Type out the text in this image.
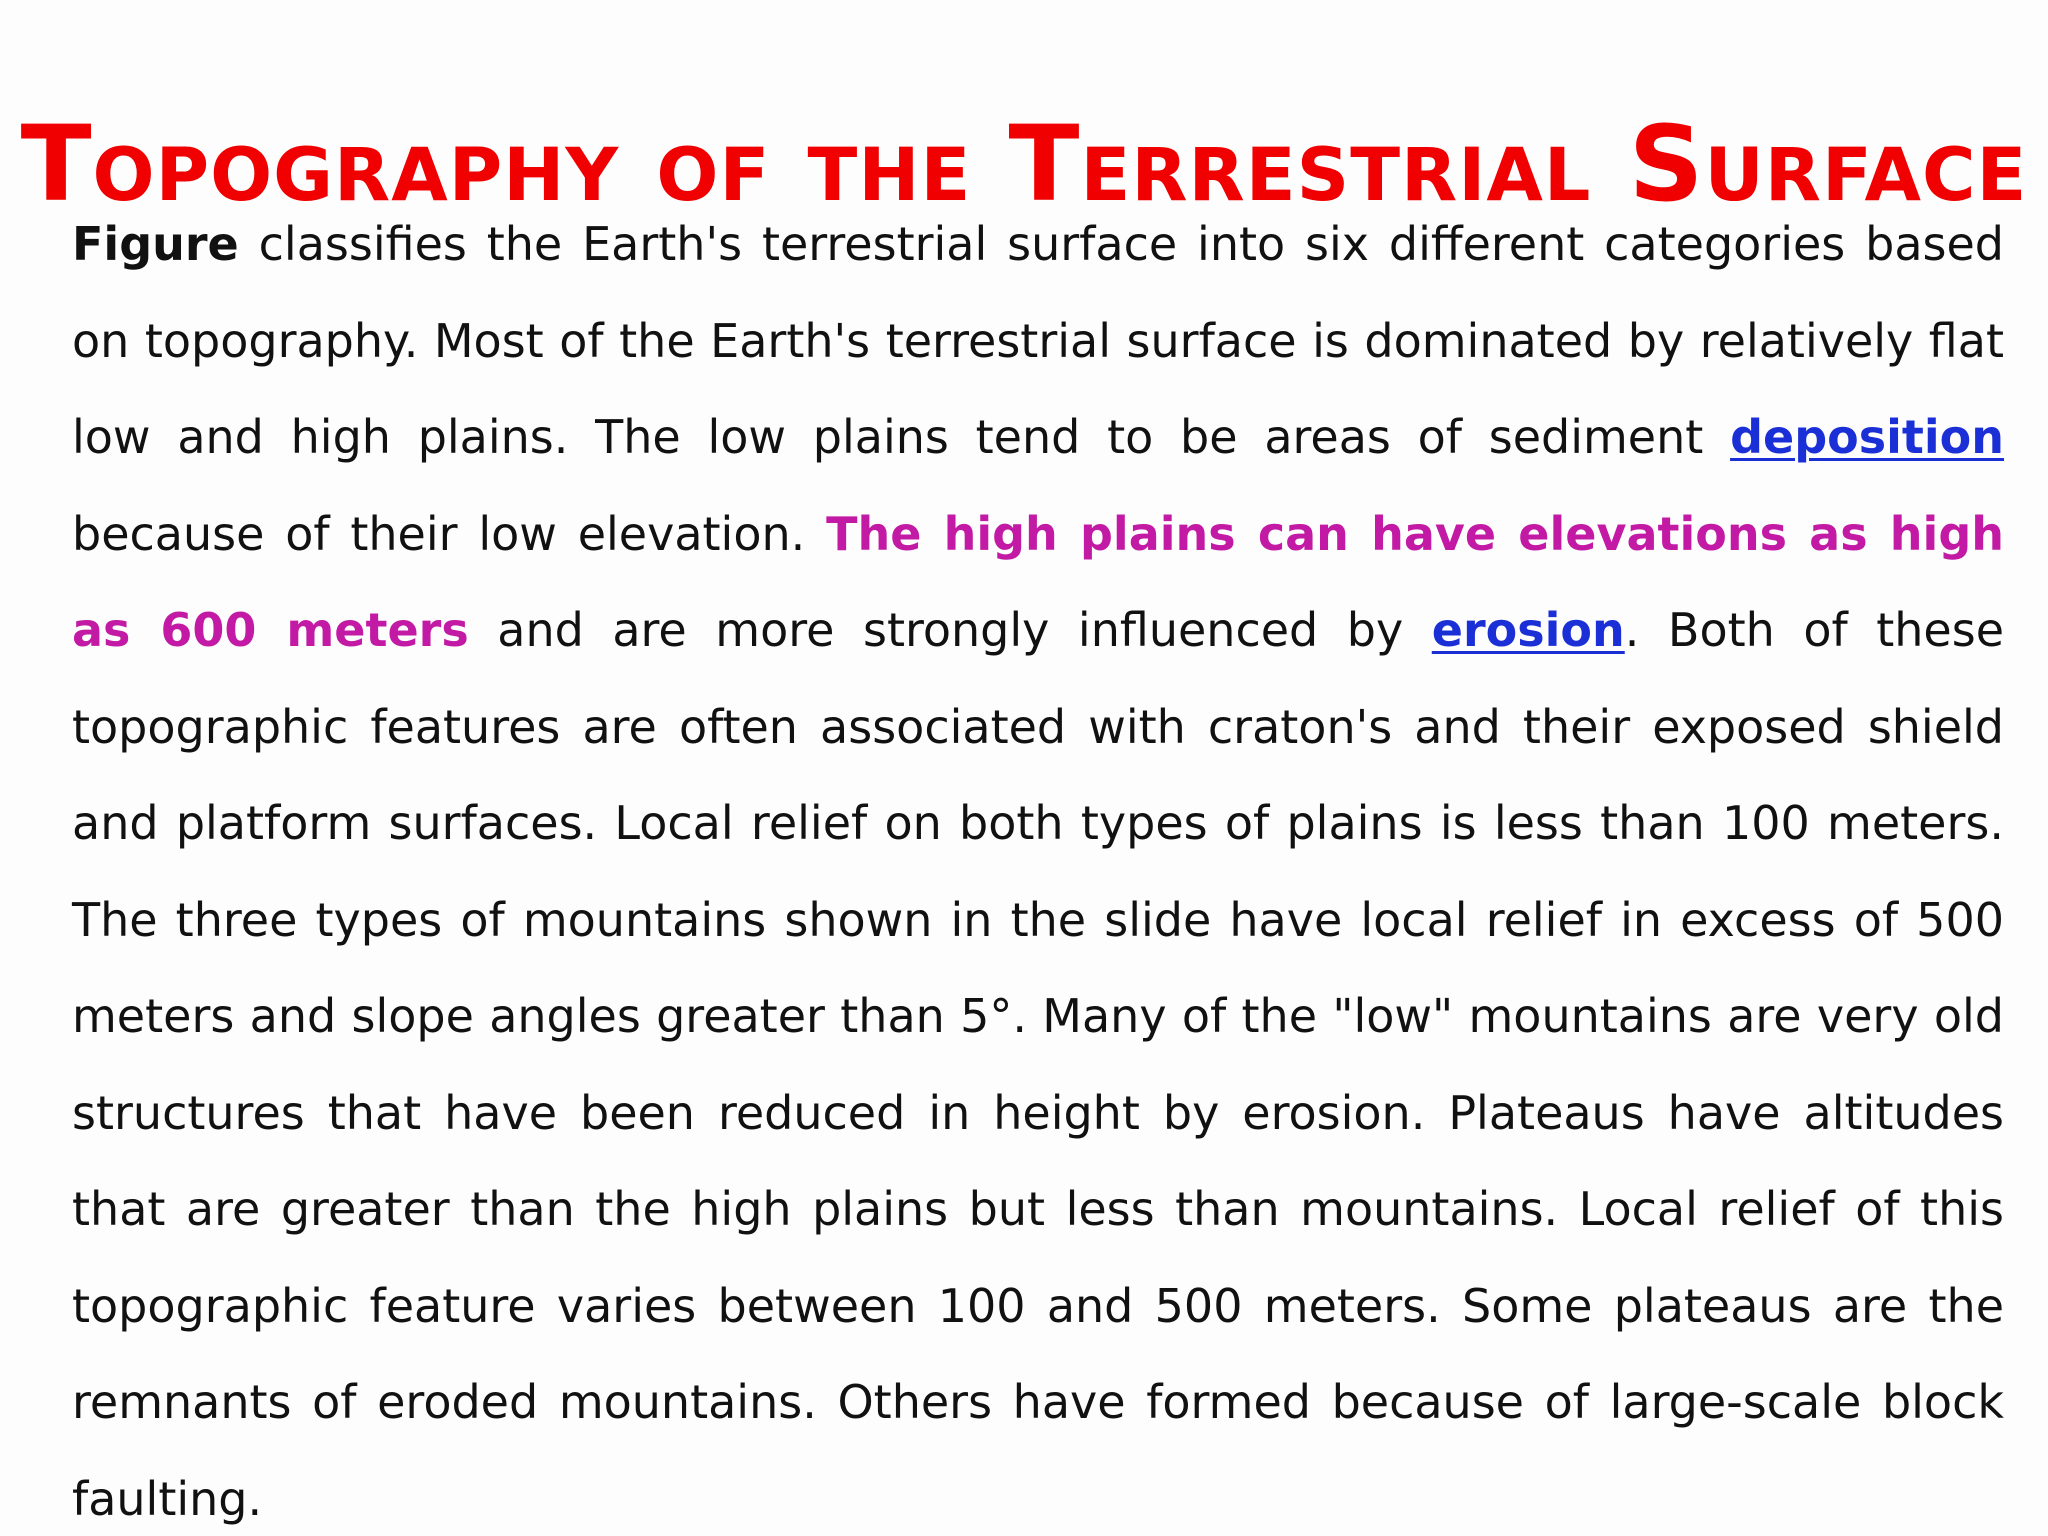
Topography of the Terrestrial Surface

Figure classifies the Earth's terrestrial surface into six different categories based on topography. Most of the Earth's terrestrial surface is dominated by relatively flat low and high plains. The low plains tend to be areas of sediment deposition because of their low elevation. The high plains can have elevations as high as 600 meters and are more strongly influenced by erosion. Both of these topographic features are often associated with craton's and their exposed shield and platform surfaces. Local relief on both types of plains is less than 100 meters. The three types of mountains shown in the slide have local relief in excess of 500 meters and slope angles greater than 5°. Many of the "low" mountains are very old structures that have been reduced in height by erosion. Plateaus have altitudes that are greater than the high plains but less than mountains. Local relief of this topographic feature varies between 100 and 500 meters. Some plateaus are the remnants of eroded mountains. Others have formed because of large-scale block faulting.
